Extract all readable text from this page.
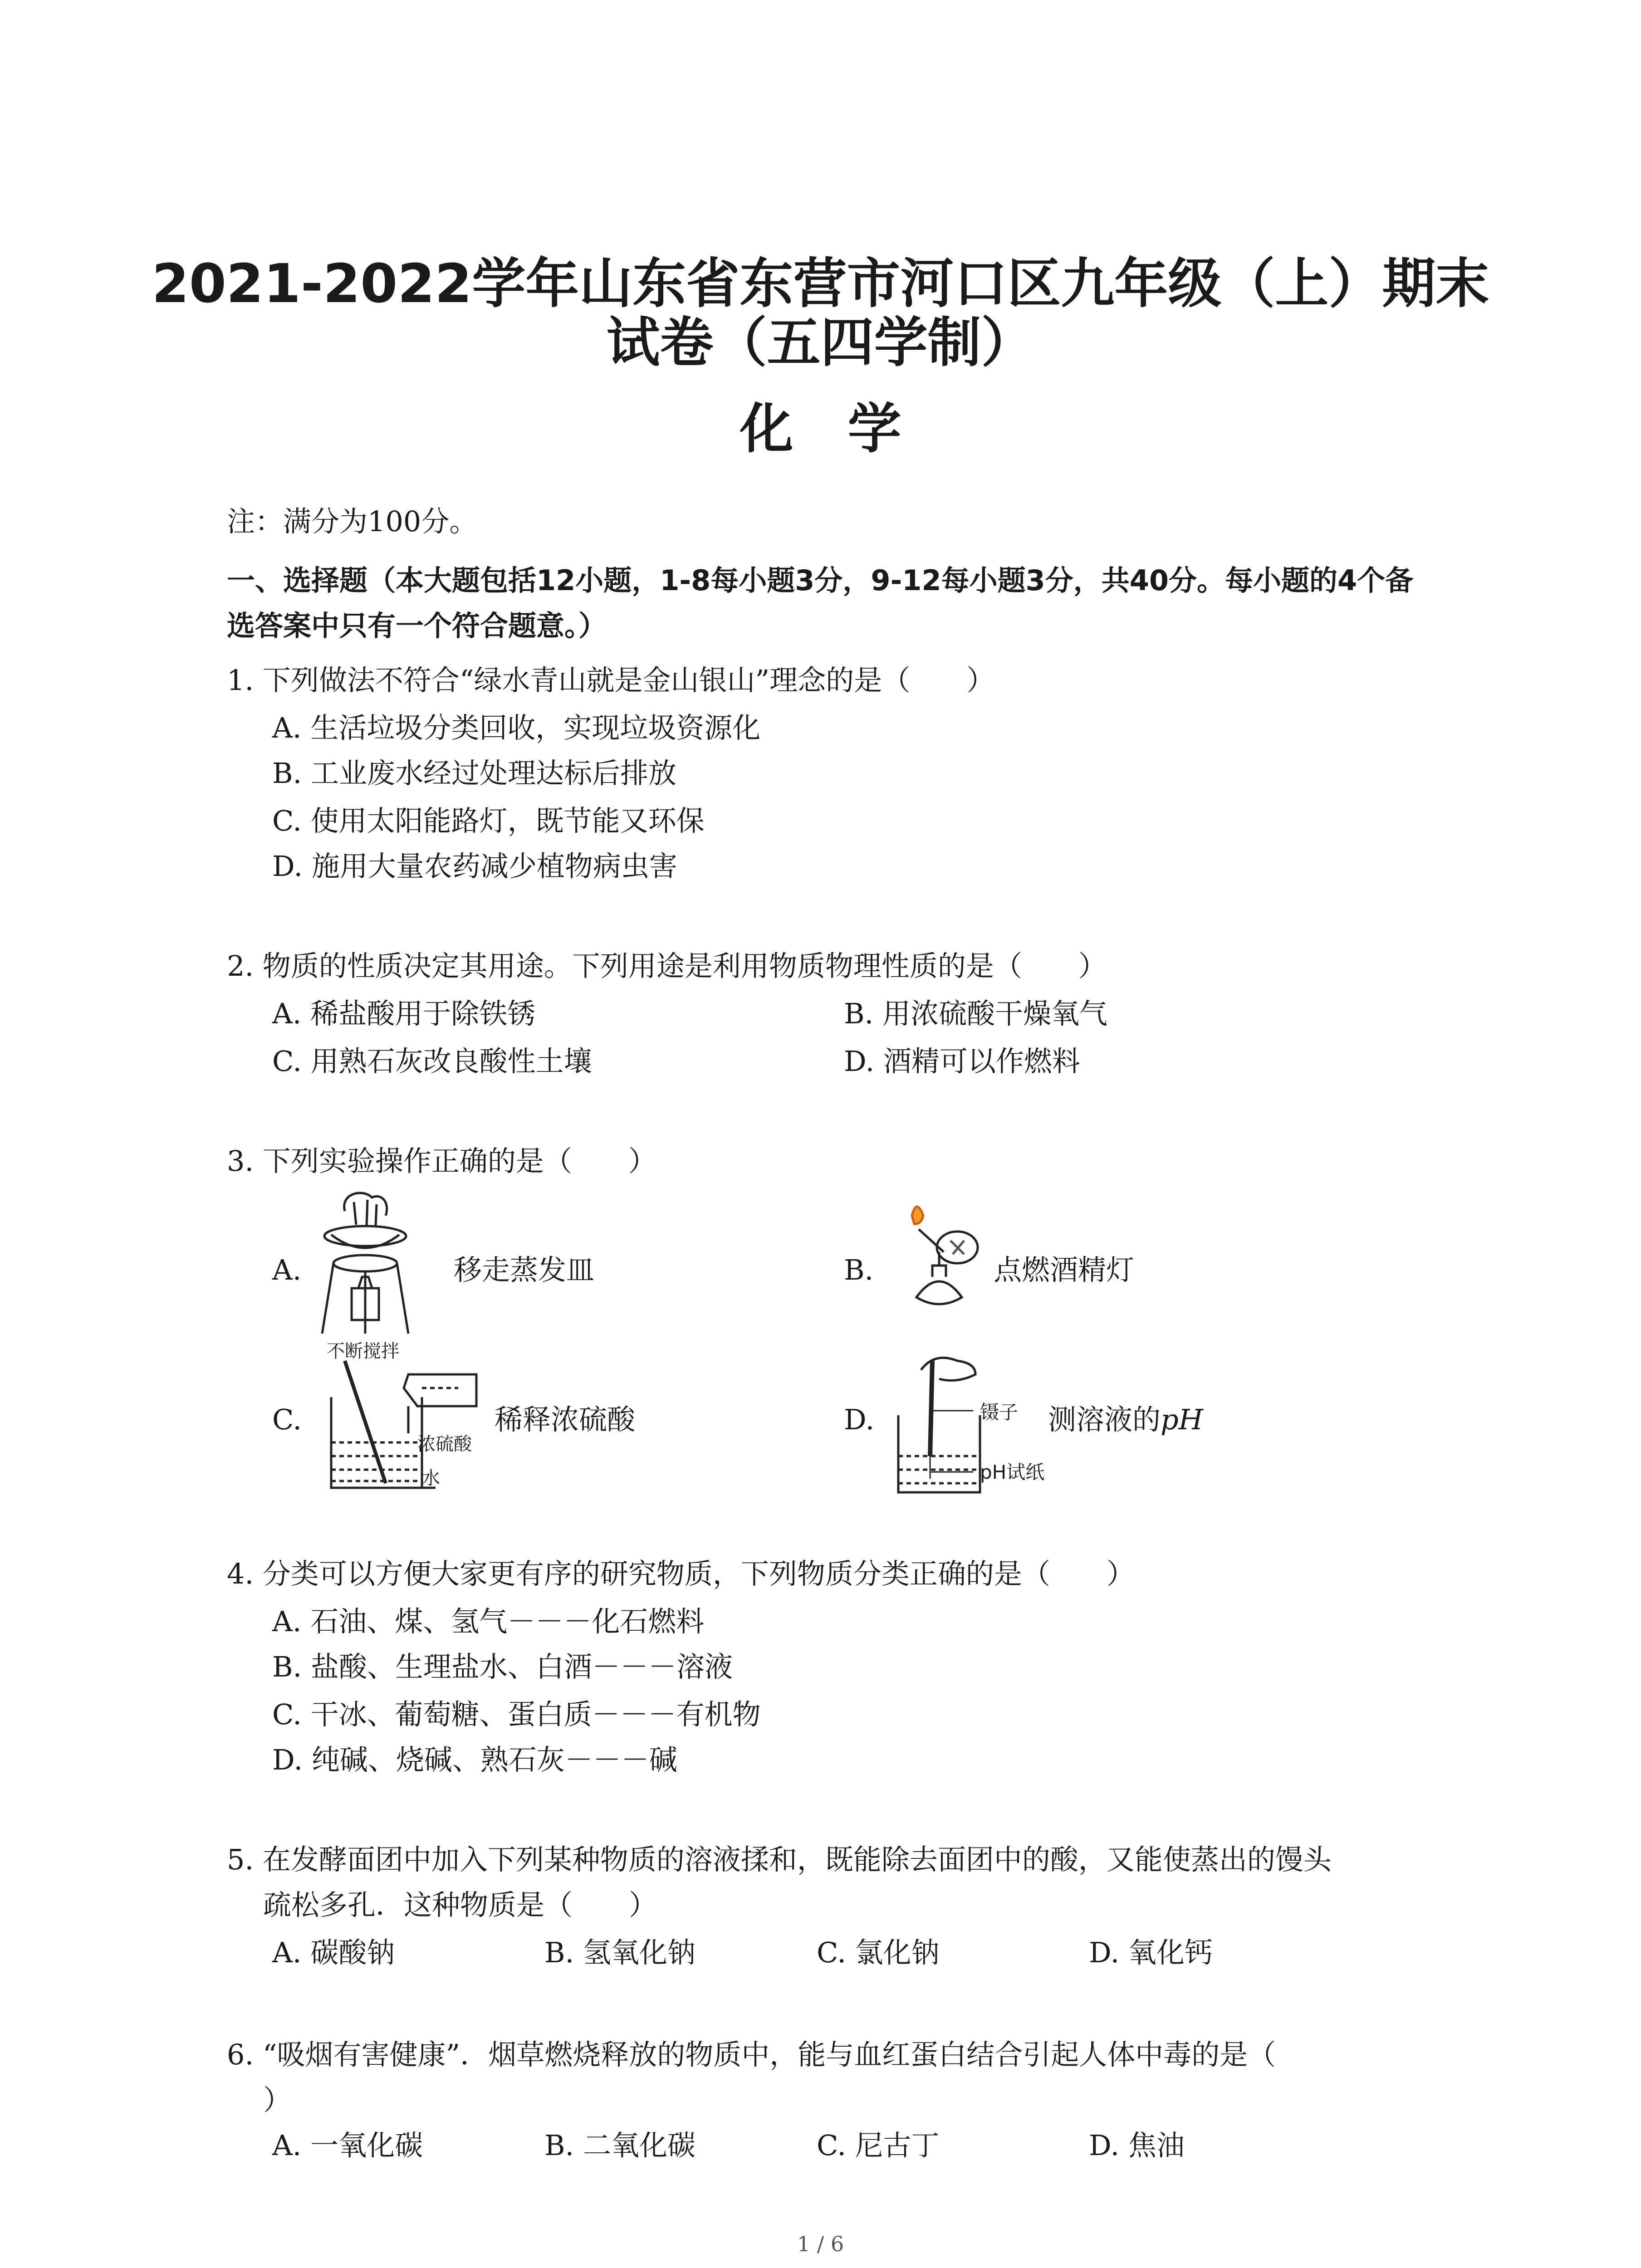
2021-2022学年山东省东营市河口区九年级（上）期末
试卷（五四学制）
化学

注：满分为100分。

一、选择题（本大题包括12小题，1-8每小题3分，9-12每小题3分，共40分。每小题的4个备

选答案中只有一个符合题意。）

1. 下列做法不符合“绿水青山就是金山银山”理念的是（　　）

A. 生活垃圾分类回收，实现垃圾资源化

B. 工业废水经过处理达标后排放

C. 使用太阳能路灯，既节能又环保

D. 施用大量农药减少植物病虫害

2. 物质的性质决定其用途。下列用途是利用物质物理性质的是（　　）

A. 稀盐酸用于除铁锈	B. 用浓硫酸干燥氧气

C. 用熟石灰改良酸性土壤	D. 酒精可以作燃料

3. 下列实验操作正确的是（　　）

A.	移走蒸发皿	B.	点燃酒精灯
C.
不断搅拌
浓硫酸
水
稀释浓硫酸	D.	镊子
pH试纸
测溶液的pH

4. 分类可以方便大家更有序的研究物质，下列物质分类正确的是（　　）

A. 石油、煤、氢气－－－化石燃料

B. 盐酸、生理盐水、白酒－－－溶液

C. 干冰、葡萄糖、蛋白质－－－有机物

D. 纯碱、烧碱、熟石灰－－－碱

5. 在发酵面团中加入下列某种物质的溶液揉和，既能除去面团中的酸，又能使蒸出的馒头

疏松多孔．这种物质是（　　）

A. 碳酸钠	B. 氢氧化钠	C. 氯化钠	D. 氧化钙

6. “吸烟有害健康”．烟草燃烧释放的物质中，能与血红蛋白结合引起人体中毒的是（

）

A. 一氧化碳	B. 二氧化碳	C. 尼古丁	D. 焦油

1 / 6
